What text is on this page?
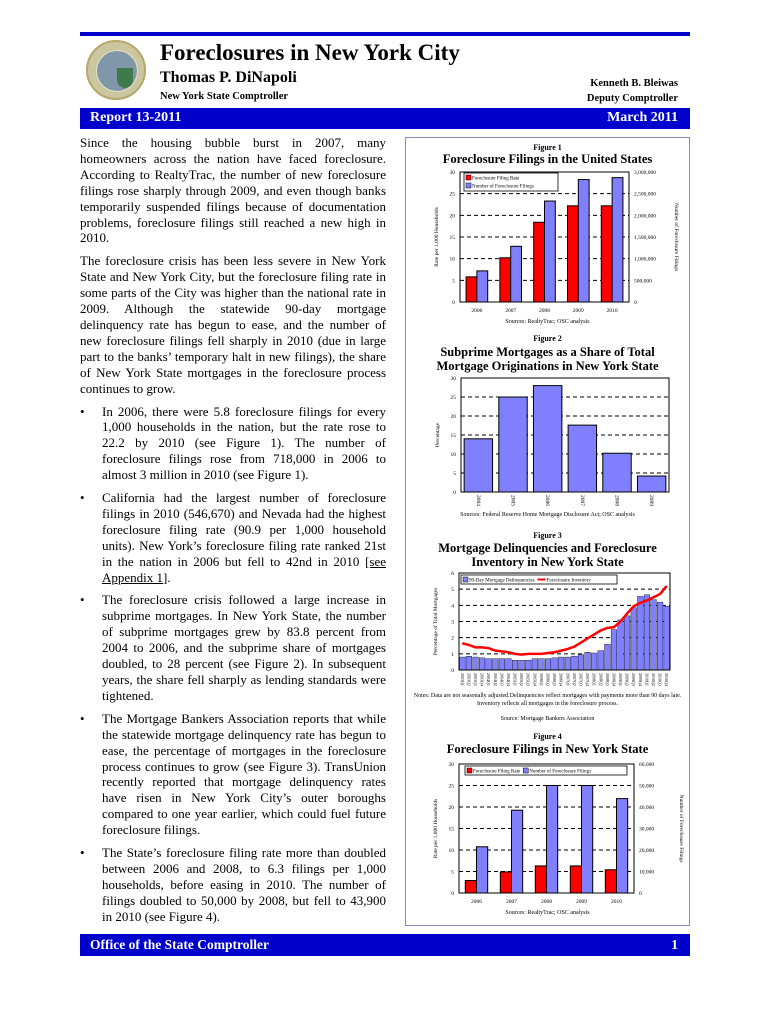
Foreclosures in New York City
Thomas P. DiNapoli
New York State Comptroller
Kenneth B. Bleiwas
Deputy Comptroller
Report 13-2011	March 2011

Since the housing bubble burst in 2007, many homeowners across the nation have faced foreclosure. According to RealtyTrac, the number of new foreclosure filings rose sharply through 2009, and even though banks temporarily suspended filings because of documentation problems, foreclosure filings still reached a new high in 2010.

The foreclosure crisis has been less severe in New York State and New York City, but the foreclosure filing rate in some parts of the City was higher than the national rate in 2009. Although the statewide 90-day mortgage delinquency rate has begun to ease, and the number of new foreclosure filings fell sharply in 2010 (due in large part to the banks’ temporary halt in new filings), the share of New York State mortgages in the foreclosure process continues to grow.

• In 2006, there were 5.8 foreclosure filings for every 1,000 households in the nation, but the rate rose to 22.2 by 2010 (see Figure 1). The number of foreclosure filings rose from 718,000 in 2006 to almost 3 million in 2010 (see Figure 1).
• California had the largest number of foreclosure filings in 2010 (546,670) and Nevada had the highest foreclosure filing rate (90.9 per 1,000 household units). New York’s foreclosure filing rate ranked 21st in the nation in 2006 but fell to 42nd in 2010 [see Appendix 1].
• The foreclosure crisis followed a large increase in subprime mortgages. In New York State, the number of subprime mortgages grew by 83.8 percent from 2004 to 2006, and the subprime share of mortgages doubled, to 28 percent (see Figure 2). In subsequent years, the share fell sharply as lending standards were tightened.
• The Mortgage Bankers Association reports that while the statewide mortgage delinquency rate has begun to ease, the percentage of mortgages in the foreclosure process continues to grow (see Figure 3). TransUnion recently reported that mortgage delinquency rates have risen in New York City’s outer boroughs compared to one year earlier, which could fuel future foreclosure filings.
• The State’s foreclosure filing rate more than doubled between 2006 and 2008, to 6.3 filings per 1,000 households, before easing in 2010. The number of filings doubled to 50,000 by 2008, but fell to 43,900 in 2010 (see Figure 4).
0
5
10
15
20
25
30
0
500,000
1,000,000
1,500,000
2,000,000
2,500,000
3,000,000
Rate per 1,000 Households	Number of Foreclosure Filings
2006	2007	2008	2009	2010
Foreclosure Filing Rate
Number of Foreclosure Filings
0
5
10
15
20
25
30
Percentage
2004	2005	2006	2007	2008	2009
0
1
2
3
4
5
6
Percentage of Total Mortgages
2003Q1 2003Q2 2003Q3 2003Q4 2004Q1 2004Q2 2004Q3 2004Q4 2005Q1 2005Q2 2005Q3 2005Q4 2006Q1 2006Q2 2006Q3 2006Q4 2007Q1 2007Q2 2007Q3 2007Q4 2008Q1 2008Q2 2008Q3 2008Q4 2009Q1 2009Q2 2009Q3 2009Q4 2010Q1 2010Q2 2010Q3 2010Q4
90-Day Mortgage Delinquencies Foreclosure Inventory
0
5
10
15
20
25
30
0
10,000
20,000
30,000
40,000
50,000
60,000
Rate per 1,000 Households	Number of Foreclosure Filings
2006	2007	2008	2009	2010
Foreclosure Filing Rate Number of Foreclosure Filings
Figure 1
Foreclosure Filings in the United States
Sources: RealtyTrac; OSC analysis
Figure 2
Subprime Mortgages as a Share of Total Mortgage Originations in New York State
Sources: Federal Reserve Home Mortgage Disclosure Act; OSC analysis
Figure 3
Mortgage Delinquencies and Foreclosure Inventory in New York State
Notes: Data are not seasonally adjusted.Delinquencies reflect mortgages with payments more than 90 days late. Inventory reflects all mortgages in the foreclosure process.
Source: Mortgage Bankers Association
Figure 4
Foreclosure Filings in New York State
Sources: RealtyTrac; OSC analysis
Office of the State Comptroller	1
